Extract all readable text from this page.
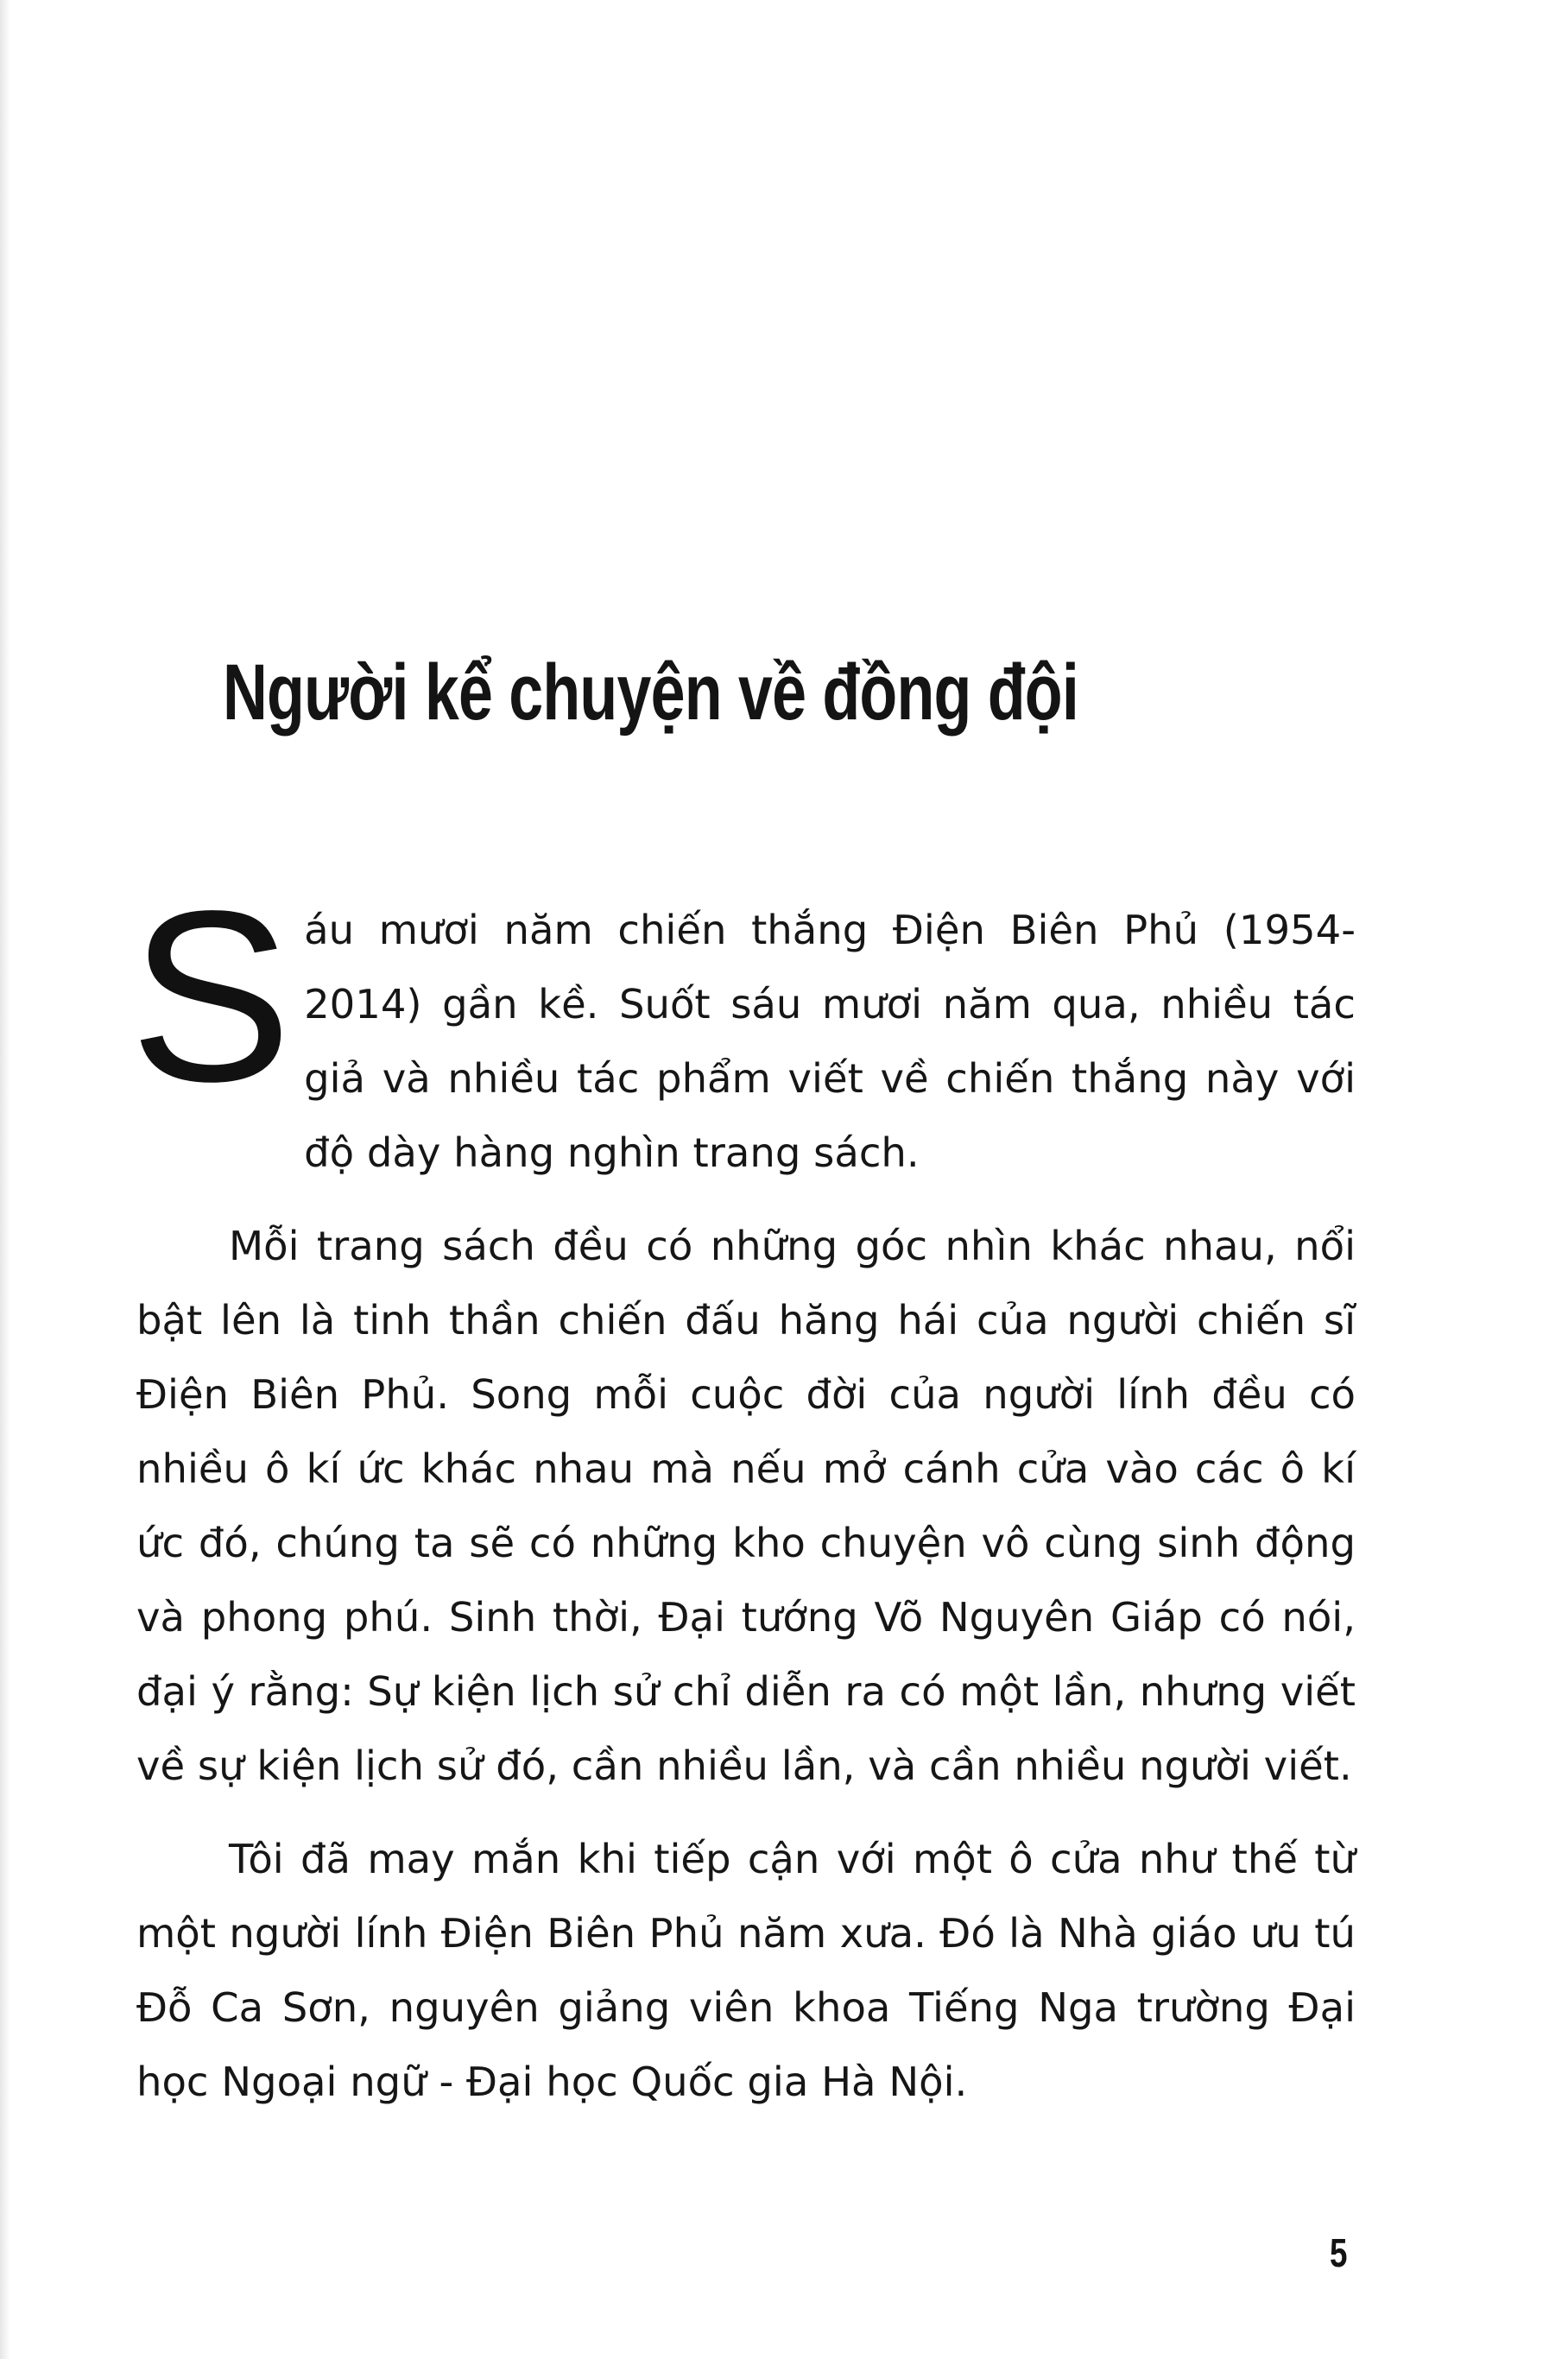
Người kể chuyện về đồng đội

Sáu mươi năm chiến thắng Điện Biên Phủ (1954-2014) gần kề. Suốt sáu mươi năm qua, nhiều tác giả và nhiều tác phẩm viết về chiến thắng này với độ dày hàng nghìn trang sách.

Mỗi trang sách đều có những góc nhìn khác nhau, nổi bật lên là tinh thần chiến đấu hăng hái của người chiến sĩ Điện Biên Phủ. Song mỗi cuộc đời của người lính đều có nhiều ô kí ức khác nhau mà nếu mở cánh cửa vào các ô kí ức đó, chúng ta sẽ có những kho chuyện vô cùng sinh động và phong phú. Sinh thời, Đại tướng Võ Nguyên Giáp có nói, đại ý rằng: Sự kiện lịch sử chỉ diễn ra có một lần, nhưng viết về sự kiện lịch sử đó, cần nhiều lần, và cần nhiều người viết.

Tôi đã may mắn khi tiếp cận với một ô cửa như thế từ một người lính Điện Biên Phủ năm xưa. Đó là Nhà giáo ưu tú Đỗ Ca Sơn, nguyên giảng viên khoa Tiếng Nga trường Đại học Ngoại ngữ - Đại học Quốc gia Hà Nội.

5
